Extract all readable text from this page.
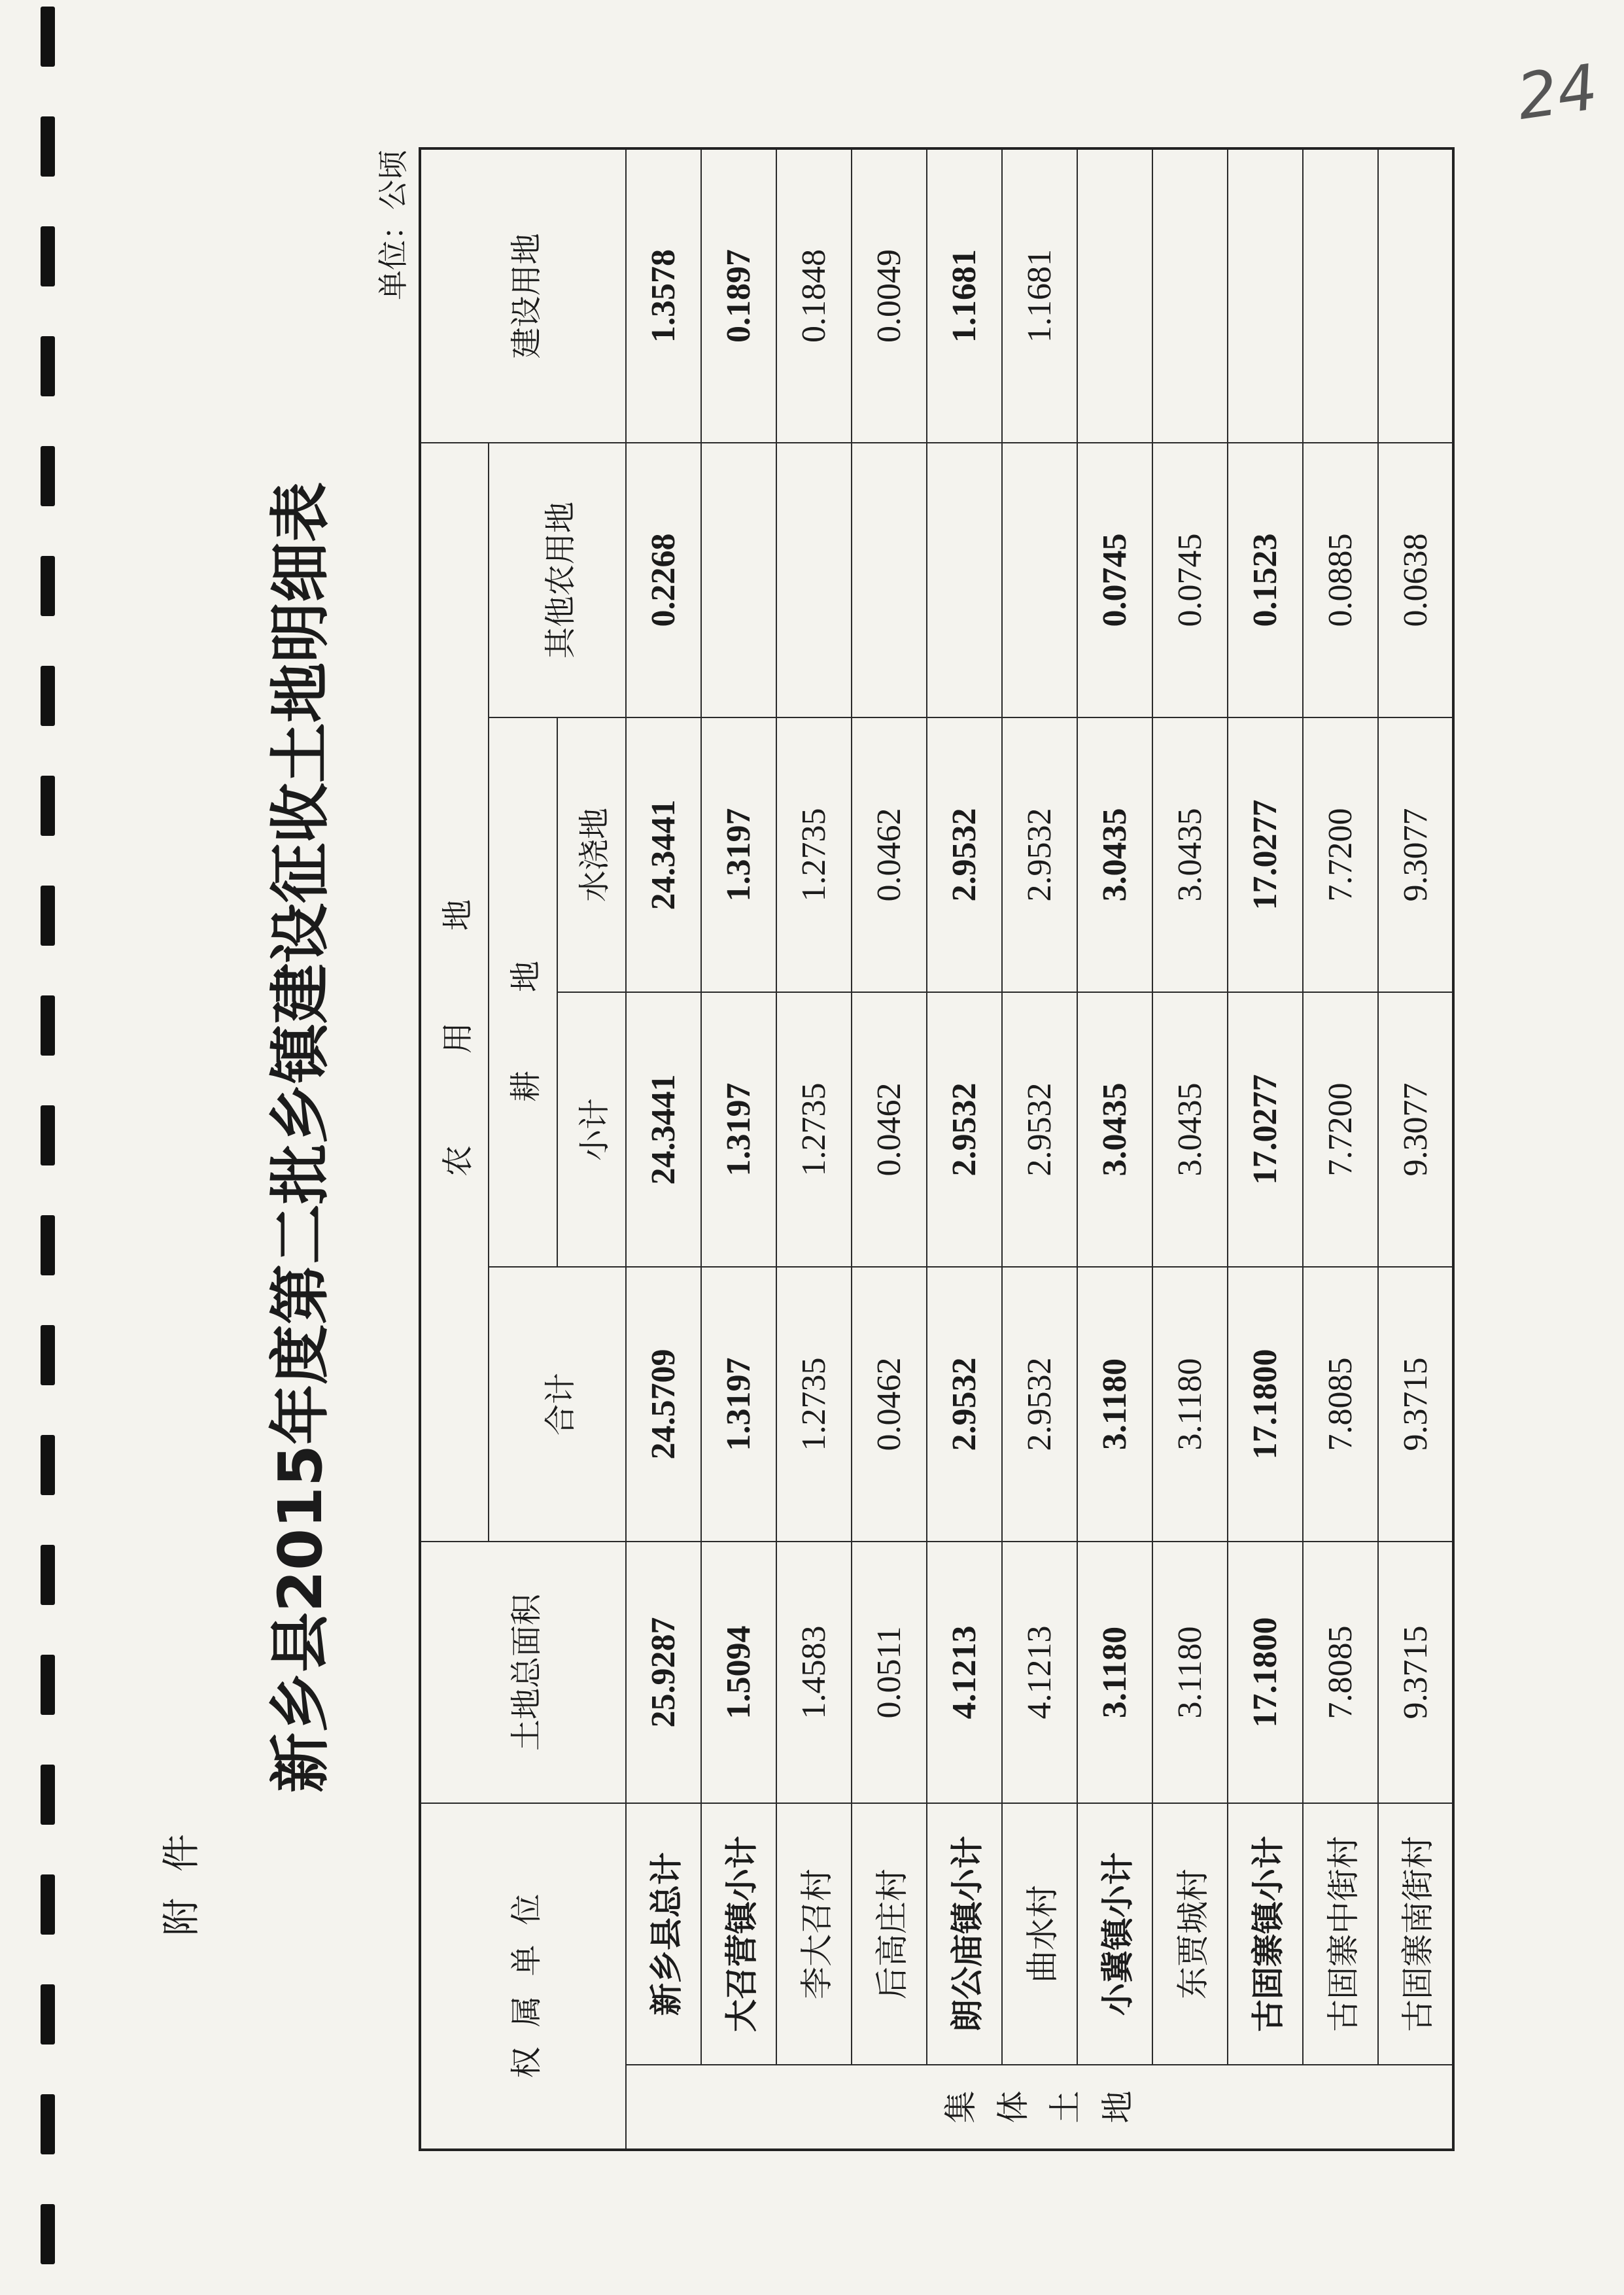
24
附件
新乡县2015年度第二批乡镇建设征收土地明细表
单位：公顷
权属单位		土地总面积	农用地				建设用地
			合计	耕地		其他农用地	
				小计	水浇地		

集 体 土 地	新乡县总计	25.9287	24.5709	24.3441	24.3441	0.2268	1.3578
	大召营镇小计	1.5094	1.3197	1.3197	1.3197		0.1897
	李大召村	1.4583	1.2735	1.2735	1.2735		0.1848
	后高庄村	0.0511	0.0462	0.0462	0.0462		0.0049
	朗公庙镇小计	4.1213	2.9532	2.9532	2.9532		1.1681
	曲水村	4.1213	2.9532	2.9532	2.9532		1.1681
	小冀镇小计	3.1180	3.1180	3.0435	3.0435	0.0745	
	东贾城村	3.1180	3.1180	3.0435	3.0435	0.0745	
	古固寨镇小计	17.1800	17.1800	17.0277	17.0277	0.1523	
	古固寨中街村	7.8085	7.8085	7.7200	7.7200	0.0885	
	古固寨南街村	9.3715	9.3715	9.3077	9.3077	0.0638	
